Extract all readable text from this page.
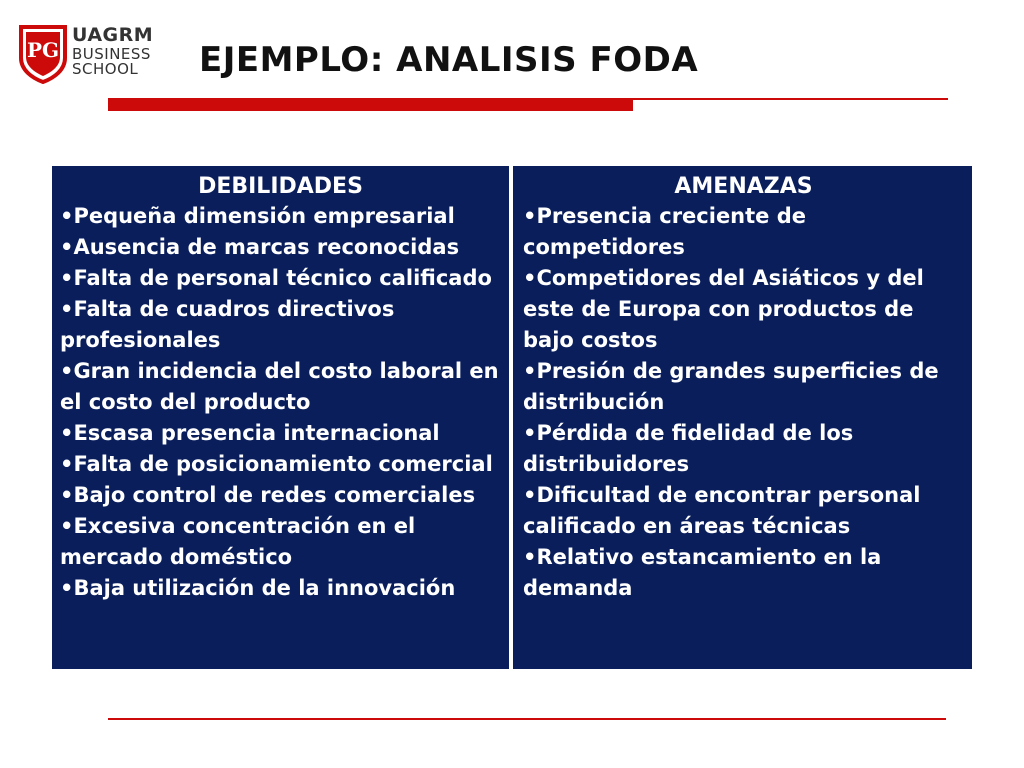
PG
UAGRM
BUSINESS
SCHOOL	EJEMPLO: ANALISIS FODA
DEBILIDADES
• Pequeña dimensión empresarial
• Ausencia de marcas reconocidas
• Falta de personal técnico calificado
• Falta de cuadros directivos profesionales
• Gran incidencia del costo laboral en el costo del producto
• Escasa presencia internacional
• Falta de posicionamiento comercial
• Bajo control de redes comerciales
• Excesiva concentración en el mercado doméstico
• Baja utilización de la innovación
AMENAZAS
• Presencia creciente de competidores
• Competidores del Asiáticos y del este de Europa con productos de bajo costos
• Presión de grandes superficies de distribución
• Pérdida de fidelidad de los distribuidores
• Dificultad de encontrar personal calificado en áreas técnicas
• Relativo estancamiento en la demanda
